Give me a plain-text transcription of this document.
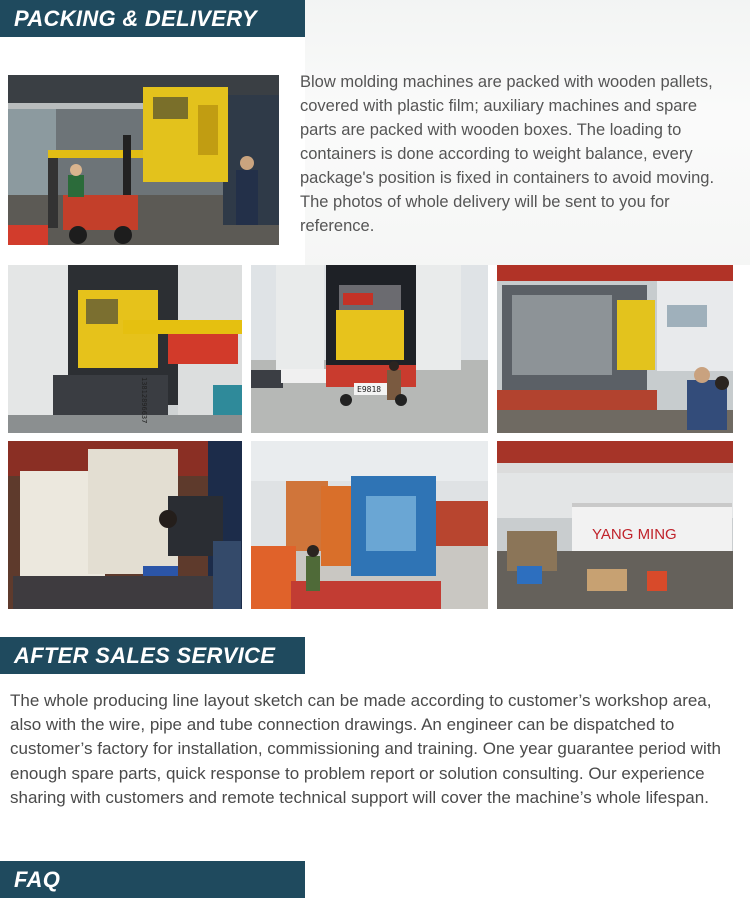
PACKING & DELIVERY
Blow molding machines are packed with wooden pallets, covered with plastic film; auxiliary machines and spare parts are packed with wooden boxes. The loading to containers is done according to weight balance, every package's position is fixed in containers to avoid moving. The photos of whole delivery will be sent to you for reference.
13812896637	E9818
YANG MING
AFTER SALES SERVICE
The whole producing line layout sketch can be made according to customer’s workshop area, also with the wire, pipe and tube connection drawings. An engineer can be dispatched to customer’s factory for installation, commissioning and training. One year guarantee period with enough spare parts, quick response to problem report or solution consulting. Our experience sharing with customers and remote technical support will cover the machine’s whole lifespan.
FAQ
